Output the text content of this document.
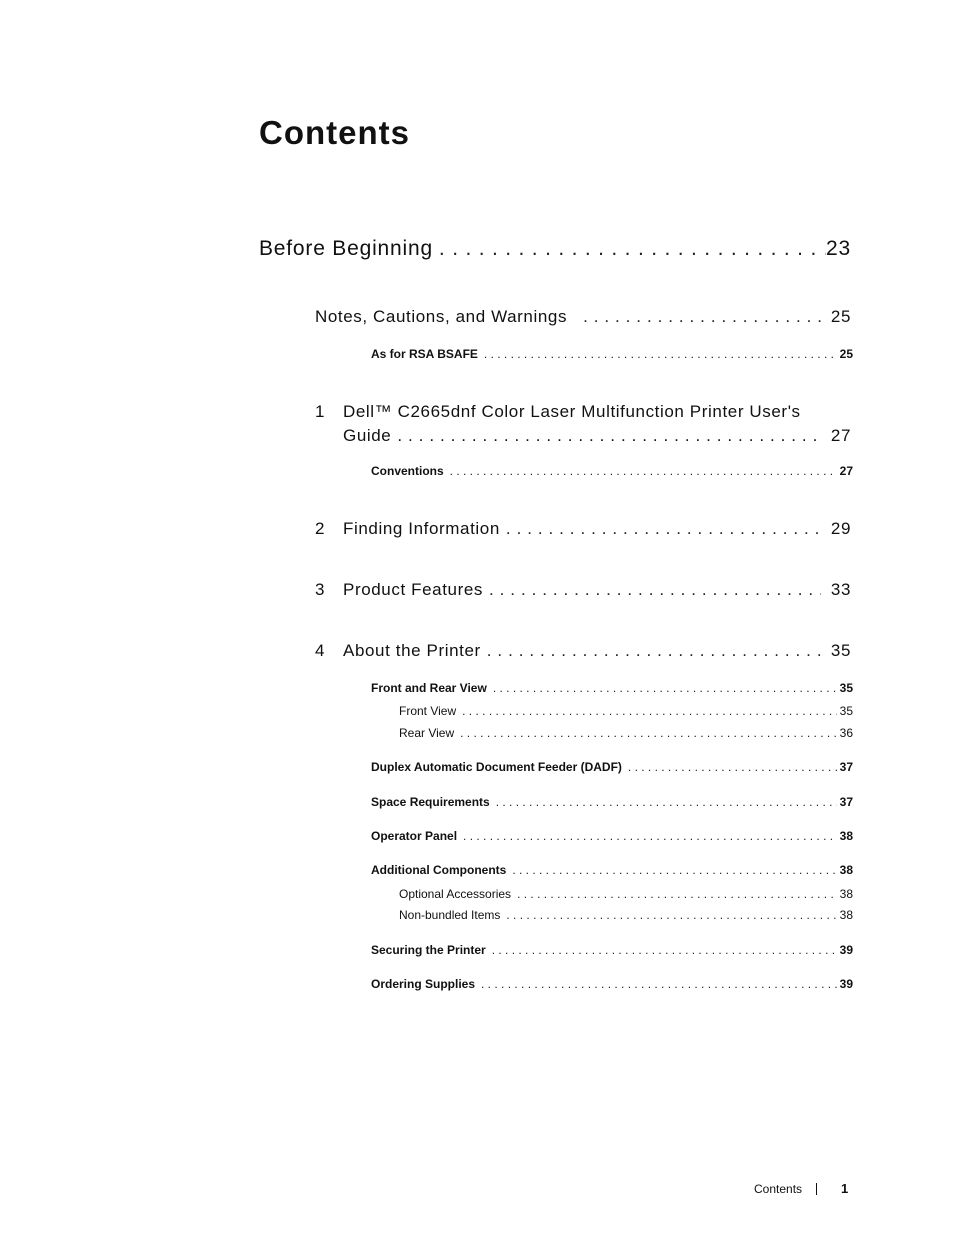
Contents
Before Beginning . . .	23
Notes, Cautions, and Warnings . . .	25
As for RSA BSAFE . . .	25
1	Dell™ C2665dnf Color Laser Multifunction Printer User's
Guide . . .	27
Conventions . . .	27
2	Finding Information . . .	29
3	Product Features . . .	33
4	About the Printer . . .	35
Front and Rear View . . .	35
Front View . . .	35
Rear View . . .	36
Duplex Automatic Document Feeder (DADF) . . .	37
Space Requirements . . .	37
Operator Panel . . .	38
Additional Components . . .	38
Optional Accessories . . .	38
Non-bundled Items . . .	38
Securing the Printer . . .	39
Ordering Supplies . . .	39
Contents	1
